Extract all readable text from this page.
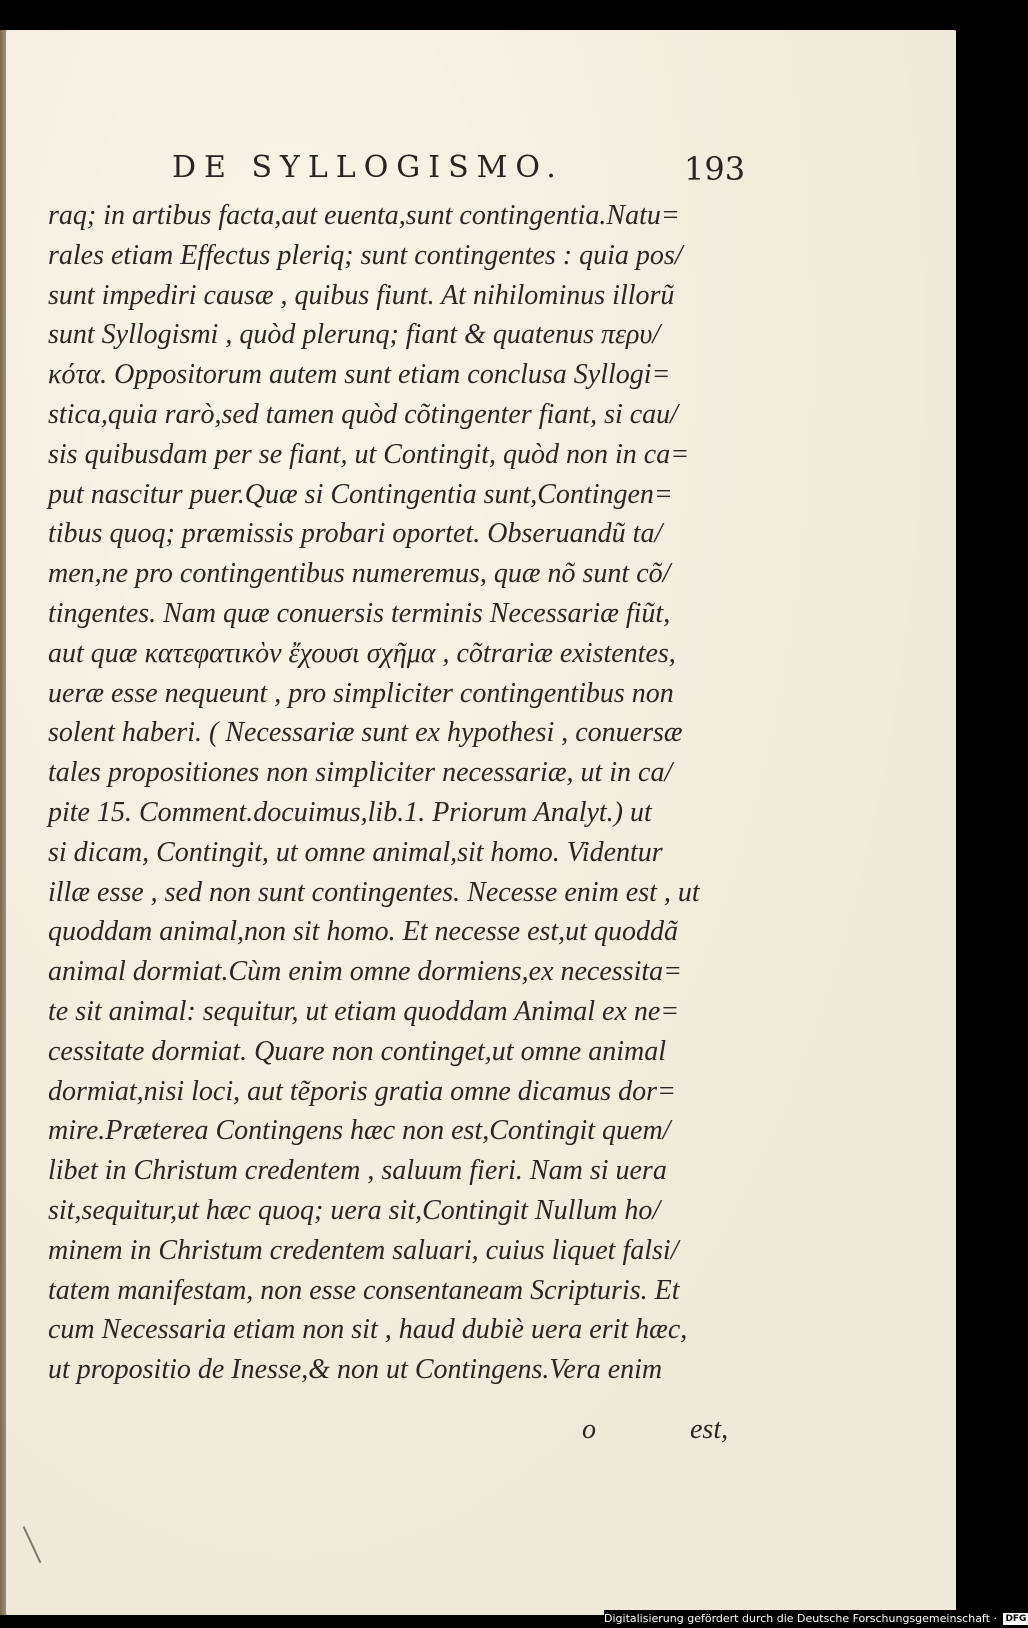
DE SYLLOGISMO.	193
raq; in artibus facta,aut euenta,sunt contingentia.Natu=
rales etiam Effectus pleriq; sunt contingentes : quia pos/
sunt impediri causæ , quibus fiunt. At nihilominus illorũ
sunt Syllogismi , quòd plerunq; fiant & quatenus περυ/
κότα. Oppositorum autem sunt etiam conclusa Syllogi=
stica,quia rarò,sed tamen quòd cõtingenter fiant, si cau/
sis quibusdam per se fiant, ut Contingit, quòd non in ca=
put nascitur puer.Quæ si Contingentia sunt,Contingen=
tibus quoq; præmissis probari oportet. Obseruandũ ta/
men,ne pro contingentibus numeremus, quæ nõ sunt cõ/
tingentes. Nam quæ conuersis terminis Necessariæ fiũt,
aut quæ κατεφατικὸν ἔχουσι σχῆμα , cõtrariæ existentes,
ueræ esse nequeunt , pro simpliciter contingentibus non
solent haberi. ( Necessariæ sunt ex hypothesi , conuersæ
tales propositiones non simpliciter necessariæ, ut in ca/
pite 15. Comment.docuimus,lib.1. Priorum Analyt.) ut
si dicam, Contingit, ut omne animal,sit homo. Videntur
illæ esse , sed non sunt contingentes. Necesse enim est , ut
quoddam animal,non sit homo. Et necesse est,ut quoddã
animal dormiat.Cùm enim omne dormiens,ex necessita=
te sit animal: sequitur, ut etiam quoddam Animal ex ne=
cessitate dormiat. Quare non continget,ut omne animal
dormiat,nisi loci, aut tẽporis gratia omne dicamus dor=
mire.Præterea Contingens hæc non est,Contingit quem/
libet in Christum credentem , saluum fieri. Nam si uera
sit,sequitur,ut hæc quoq; uera sit,Contingit Nullum ho/
minem in Christum credentem saluari, cuius liquet falsi/
tatem manifestam, non esse consentaneam Scripturis. Et
cum Necessaria etiam non sit , haud dubiè uera erit hæc,
ut propositio de Inesse,& non ut Contingens.Vera enim
o	est,
Digitalisierung gefördert durch die Deutsche Forschungsgemeinschaft · DFG
